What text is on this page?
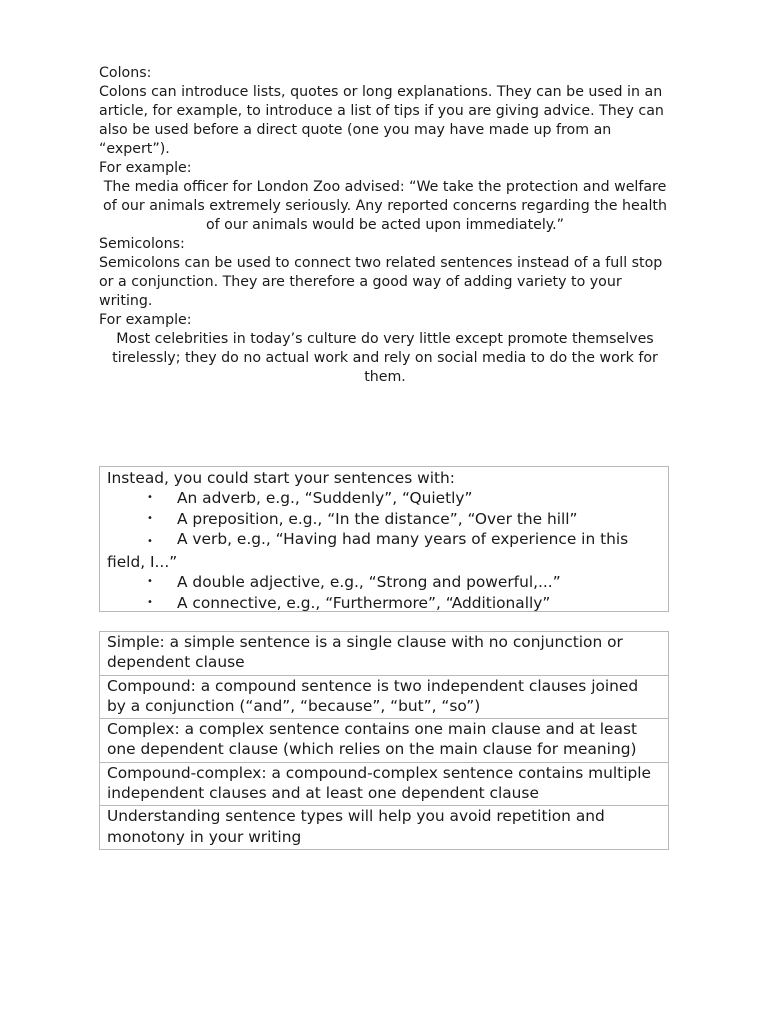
Colons:

Colons can introduce lists, quotes or long explanations. They can be used in an article, for example, to introduce a list of tips if you are giving advice. They can also be used before a direct quote (one you may have made up from an “expert”).

For example:

The media officer for London Zoo advised: “We take the protection and welfare of our animals extremely seriously. Any reported concerns regarding the health of our animals would be acted upon immediately.”

Semicolons:

Semicolons can be used to connect two related sentences instead of a full stop or a conjunction. They are therefore a good way of adding variety to your writing.

For example:

Most celebrities in today’s culture do very little except promote themselves tirelessly; they do no actual work and rely on social media to do the work for them.

Instead, you could start your sentences with:

•	An adverb, e.g., “Suddenly”, “Quietly”
•	A preposition, e.g., “In the distance”, “Over the hill”
• A verb, e.g., “Having had many years of experience in this field, I...”
•	A double adjective, e.g., “Strong and powerful,...”
•	A connective, e.g., “Furthermore”, “Additionally”
Simple: a simple sentence is a single clause with no conjunction or dependent clause
Compound: a compound sentence is two independent clauses joined by a conjunction (“and”, “because”, “but”, “so”)
Complex: a complex sentence contains one main clause and at least one dependent clause (which relies on the main clause for meaning)
Compound-complex: a compound-complex sentence contains multiple independent clauses and at least one dependent clause
Understanding sentence types will help you avoid repetition and monotony in your writing
